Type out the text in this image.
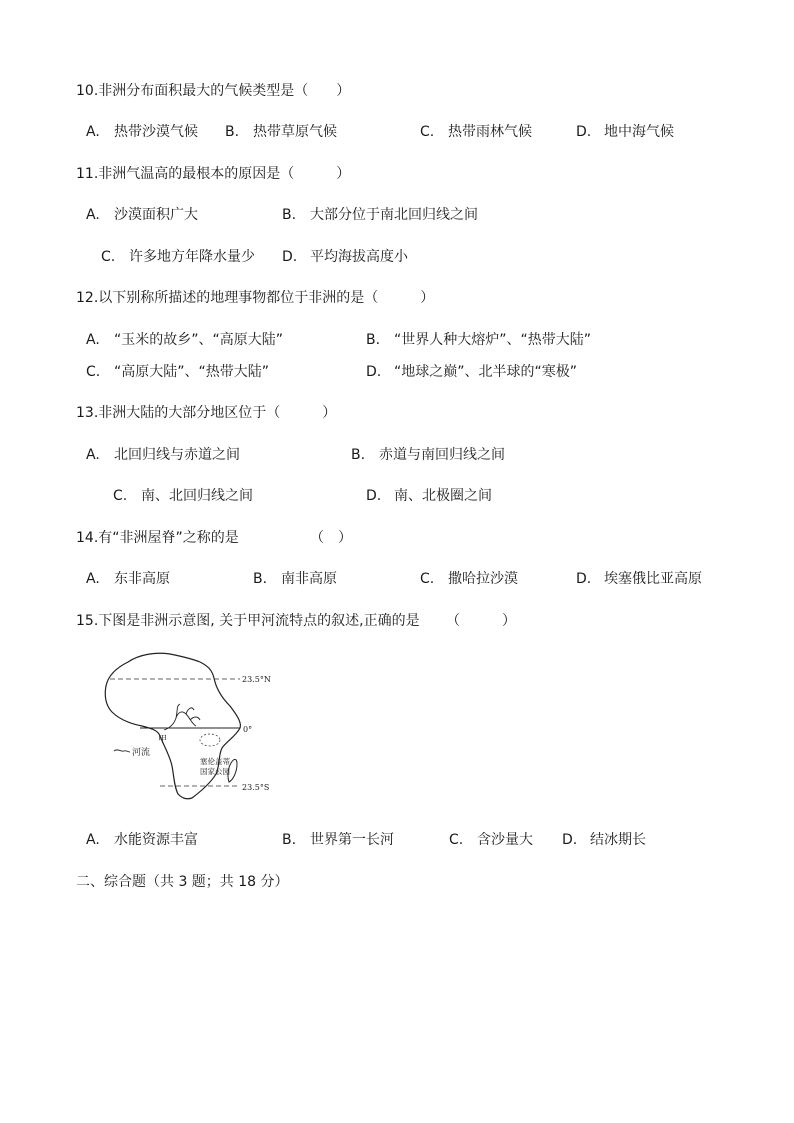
10.非洲分布面积最大的气候类型是（　　）
A. 热带沙漠气候 B. 热带草原气候	C. 热带雨林气候	D. 地中海气候
11.非洲气温高的最根本的原因是（　　　）
A. 沙漠面积广大	B. 大部分位于南北回归线之间
C. 许多地方年降水量少 D. 平均海拔高度小
12.以下别称所描述的地理事物都位于非洲的是（　　　）
A. “玉米的故乡”、“高原大陆”	B. “世界人种大熔炉”、“热带大陆”
C. “高原大陆”、“热带大陆”	D. “地球之巅”、北半球的“寒极”
13.非洲大陆的大部分地区位于（　　　）
A. 北回归线与赤道之间	B. 赤道与南回归线之间
C. 南、北回归线之间	D. 南、北极圈之间
14.有“非洲屋脊”之称的是	（　）
A. 东非高原	B. 南非高原	C. 撒哈拉沙漠	D. 埃塞俄比亚高原
15.下图是非洲示意图, 关于甲河流特点的叙述,正确的是 （　　　）
23.5°N
0°
23.5°S
甲
河流
塞伦盖蒂
国家公园
A. 水能资源丰富	B. 世界第一长河	C. 含沙量大 D. 结冰期长
二、综合题（共 3 题；共 18 分）
